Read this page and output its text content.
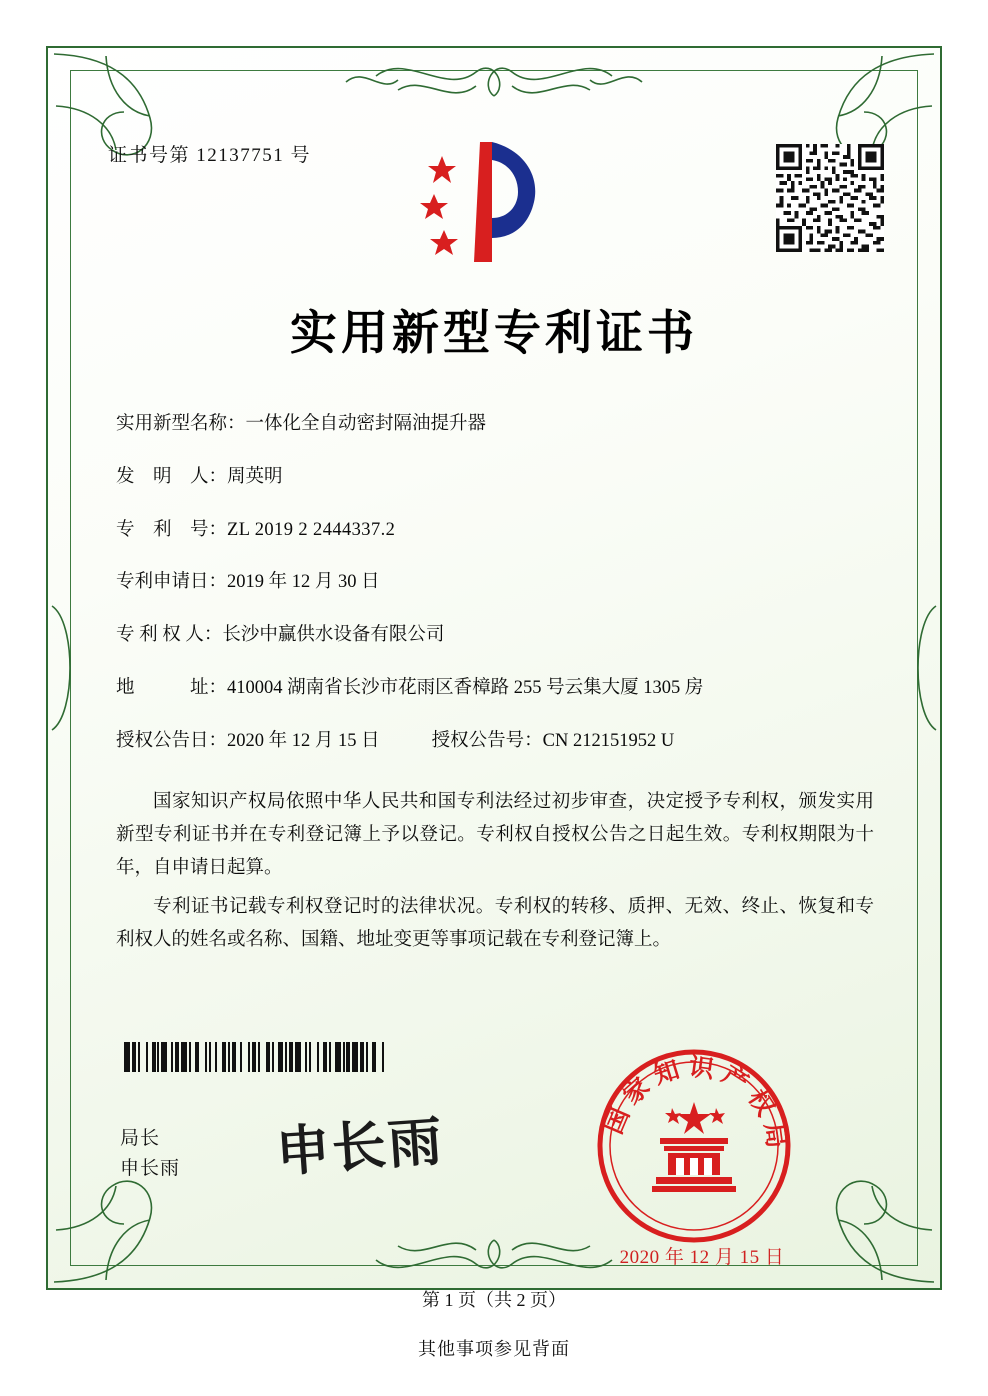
证书号第 12137751 号
实用新型专利证书
实用新型名称： 一体化全自动密封隔油提升器
发　明　人： 周英明
专　利　号： ZL 2019 2 2444337.2
专利申请日： 2019 年 12 月 30 日
专 利 权 人： 长沙中赢供水设备有限公司
地　　　址： 410004 湖南省长沙市花雨区香樟路 255 号云集大厦 1305 房
授权公告日： 2020 年 12 月 15 日	授权公告号： CN 212151952 U

国家知识产权局依照中华人民共和国专利法经过初步审查，决定授予专利权，颁发实用新型专利证书并在专利登记簿上予以登记。专利权自授权公告之日起生效。专利权期限为十年，自申请日起算。

专利证书记载专利权登记时的法律状况。专利权的转移、质押、无效、终止、恢复和专利权人的姓名或名称、国籍、地址变更等事项记载在专利登记簿上。

局长
申长雨 申长雨	国家知识产权局
2020 年 12 月 15 日
第 1 页（共 2 页）
其他事项参见背面
